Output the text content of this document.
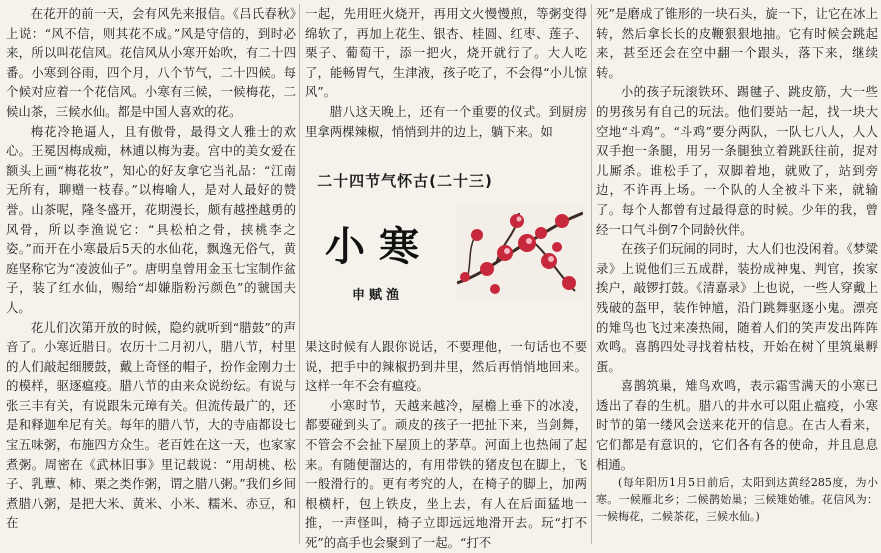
在花开的前一天，会有风先来报信。《吕氏春秋》上说：“风不信，则其花不成。”风是守信的，到时必来，所以叫花信风。花信风从小寒开始吹，有二十四番。小寒到谷雨，四个月，八个节气，二十四候。每个候对应着一个花信风。小寒有三候，一候梅花，二候山茶，三候水仙。都是中国人喜欢的花。

梅花冷艳逼人，且有傲骨，最得文人雅士的欢心。王冕因梅成痴，林逋以梅为妻。宫中的美女爱在额头上画“梅花妆”，知心的好友拿它当礼品：“江南无所有，聊赠一枝春。”以梅喻人，是对人最好的赞誉。山茶呢，隆冬盛开，花期漫长，颇有越挫越勇的风骨，所以李渔说它：“具松柏之骨，挟桃李之姿。”而开在小寒最后5天的水仙花，飘逸无俗气，黄庭坚称它为“凌波仙子”。唐明皇曾用金玉七宝制作盆子，装了红水仙，赐给“却嫌脂粉污颜色”的虢国夫人。

花儿们次第开放的时候，隐约就听到“腊鼓”的声音了。小寒近腊日。农历十二月初八，腊八节，村里的人们敲起细腰鼓，戴上奇怪的帽子，扮作金刚力士的模样，驱逐瘟疫。腊八节的由来众说纷纭。有说与张三丰有关，有说跟朱元璋有关。但流传最广的，还是和释迦牟尼有关。每年的腊八节，大的寺庙都设七宝五味粥，布施四方众生。老百姓在这一天，也家家煮粥。周密在《武林旧事》里记载说：“用胡桃、松子、乳蕈、柿、栗之类作粥，谓之腊八粥。”我们乡间煮腊八粥，是把大米、黄米、小米、糯米、赤豆，和在

一起，先用旺火烧开，再用文火慢慢煎，等粥变得绵软了，再加上花生、银杏、桂圆、红枣、莲子、栗子、葡萄干，添一把火，烧开就行了。大人吃了，能畅胃气，生津液，孩子吃了，不会得“小儿惊风”。

腊八这天晚上，还有一个重要的仪式。到厨房里拿两棵辣椒，悄悄到井的边上，躺下来。如

二十四节气怀古(二十三)
小寒
申赋渔

果这时候有人跟你说话，不要理他，一句话也不要说，把手中的辣椒扔到井里，然后再悄悄地回来。这样一年不会有瘟疫。

小寒时节，天越来越冷，屋檐上垂下的冰凌，都要碰到头了。顽皮的孩子一把扯下来，当剑舞，不管会不会扯下屋顶上的茅草。河面上也热闹了起来。有随便溜达的，有用带铁的猪皮包在脚上，飞一般滑行的。更有考究的人，在椅子的脚上，加两根横杆，包上铁皮，坐上去，有人在后面猛地一推，一声怪叫，椅子立即远远地滑开去。玩“打不死”的高手也会聚到了一起。“打不

死”是磨成了锥形的一块石头，旋一下，让它在冰上转，然后拿长长的皮鞭狠狠地抽。它有时候会跳起来，甚至还会在空中翻一个跟头，落下来，继续转。

小的孩子玩滚铁环、踢毽子、跳皮筋，大一些的男孩另有自己的玩法。他们要站一起，找一块大空地“斗鸡”。“斗鸡”要分两队，一队七八人，人人双手抱一条腿，用另一条腿独立着跳跃往前，捉对儿厮杀。谁松手了，双脚着地，就败了，站到旁边，不许再上场。一个队的人全被斗下来，就输了。每个人都曾有过最得意的时候。少年的我，曾经一口气斗倒7个同龄伙伴。

在孩子们玩闹的同时，大人们也没闲着。《梦粱录》上说他们三五成群，装扮成神鬼、判官，挨家挨户，敲锣打鼓。《清嘉录》上也说，一些人穿戴上残破的盔甲，装作钟馗，沿门跳舞驱逐小鬼。漂亮的雉鸟也飞过来凑热闹，随着人们的笑声发出阵阵欢鸣。喜鹊四处寻找着枯枝，开始在树丫里筑巢孵蛋。

喜鹊筑巢，雉鸟欢鸣，表示霜雪满天的小寒已透出了春的生机。腊八的井水可以阻止瘟疫，小寒时节的第一缕风会送来花开的信息。在古人看来，它们都是有意识的，它们各有各的使命，并且息息相通。

(每年阳历1月5日前后，太阳到达黄经285度，为小寒。一候雁北乡；二候鹊始巢；三候雉始雊。花信风为：一候梅花，二候茶花，三候水仙。)
